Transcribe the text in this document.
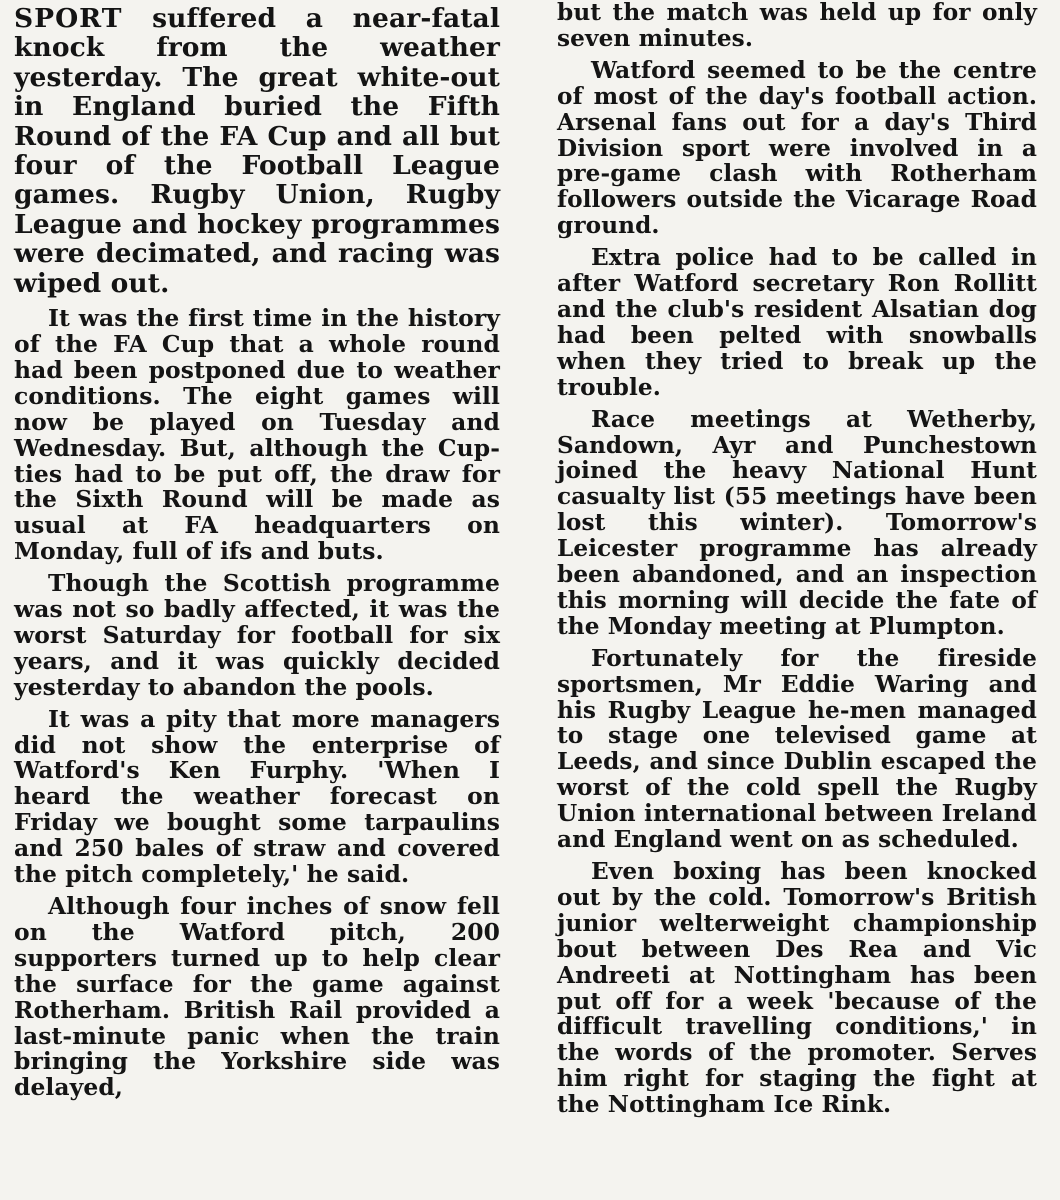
SPORT suffered a near-fatal knock from the weather yesterday. The great white-out in England buried the Fifth Round of the FA Cup and all but four of the Football League games. Rugby Union, Rugby League and hockey programmes were decimated, and racing was wiped out.

It was the first time in the history of the FA Cup that a whole round had been postponed due to weather conditions. The eight games will now be played on Tuesday and Wednesday. But, although the Cup-ties had to be put off, the draw for the Sixth Round will be made as usual at FA headquarters on Monday, full of ifs and buts.

Though the Scottish programme was not so badly affected, it was the worst Saturday for football for six years, and it was quickly decided yesterday to abandon the pools.

It was a pity that more managers did not show the enterprise of Watford's Ken Furphy. 'When I heard the weather forecast on Friday we bought some tarpaulins and 250 bales of straw and covered the pitch completely,' he said.

Although four inches of snow fell on the Watford pitch, 200 supporters turned up to help clear the surface for the game against Rotherham. British Rail provided a last-minute panic when the train bringing the Yorkshire side was delayed,

but the match was held up for only seven minutes.

Watford seemed to be the centre of most of the day's football action. Arsenal fans out for a day's Third Division sport were involved in a pre-game clash with Rotherham followers outside the Vicarage Road ground.

Extra police had to be called in after Watford secretary Ron Rollitt and the club's resident Alsatian dog had been pelted with snowballs when they tried to break up the trouble.

Race meetings at Wetherby, Sandown, Ayr and Punchestown joined the heavy National Hunt casualty list (55 meetings have been lost this winter). Tomorrow's Leicester programme has already been abandoned, and an inspection this morning will decide the fate of the Monday meeting at Plumpton.

Fortunately for the fireside sportsmen, Mr Eddie Waring and his Rugby League he-men managed to stage one televised game at Leeds, and since Dublin escaped the worst of the cold spell the Rugby Union international between Ireland and England went on as scheduled.

Even boxing has been knocked out by the cold. Tomorrow's British junior welterweight championship bout between Des Rea and Vic Andreeti at Nottingham has been put off for a week 'because of the difficult travelling conditions,' in the words of the promoter. Serves him right for staging the fight at the Nottingham Ice Rink.
